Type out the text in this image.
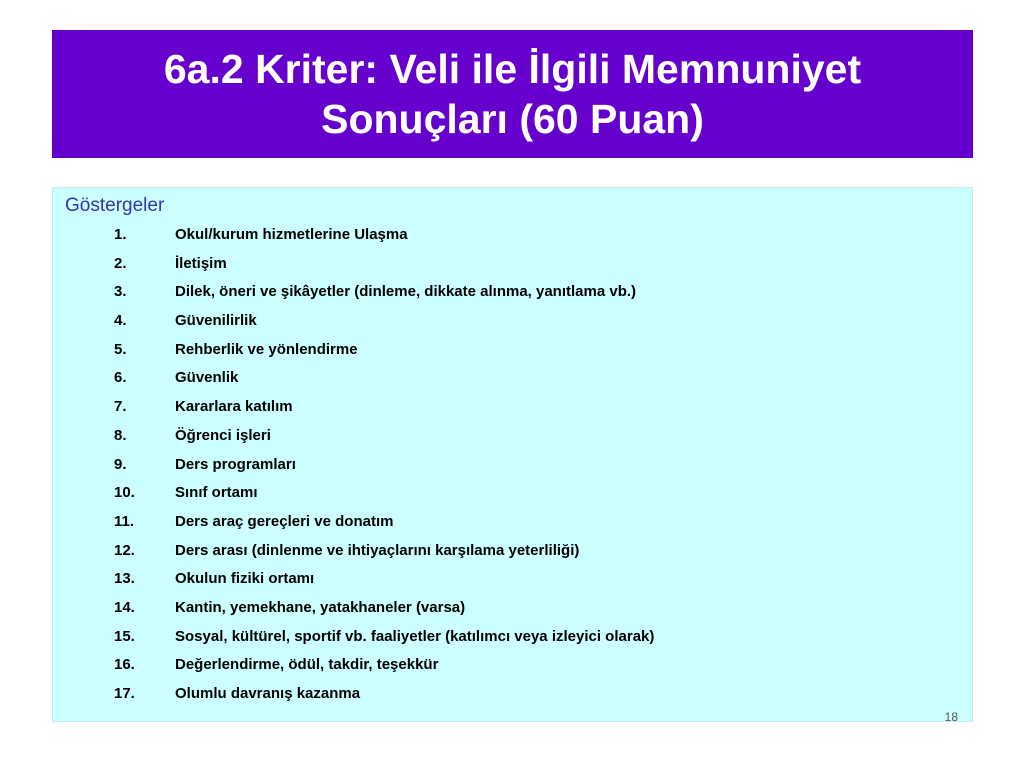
6a.2 Kriter: Veli ile İlgili Memnuniyet
Sonuçları (60 Puan)
Göstergeler
1.	Okul/kurum hizmetlerine Ulaşma
2.	İletişim
3.	Dilek, öneri ve şikâyetler (dinleme, dikkate alınma, yanıtlama vb.)
4.	Güvenilirlik
5.	Rehberlik ve yönlendirme
6.	Güvenlik
7.	Kararlara katılım
8.	Öğrenci işleri
9.	Ders programları
10.	Sınıf ortamı
11.	Ders araç gereçleri ve donatım
12.	Ders arası (dinlenme ve ihtiyaçlarını karşılama yeterliliği)
13.	Okulun fiziki ortamı
14.	Kantin, yemekhane, yatakhaneler (varsa)
15.	Sosyal, kültürel, sportif vb. faaliyetler (katılımcı veya izleyici olarak)
16.	Değerlendirme, ödül, takdir, teşekkür
17.	Olumlu davranış kazanma
18
